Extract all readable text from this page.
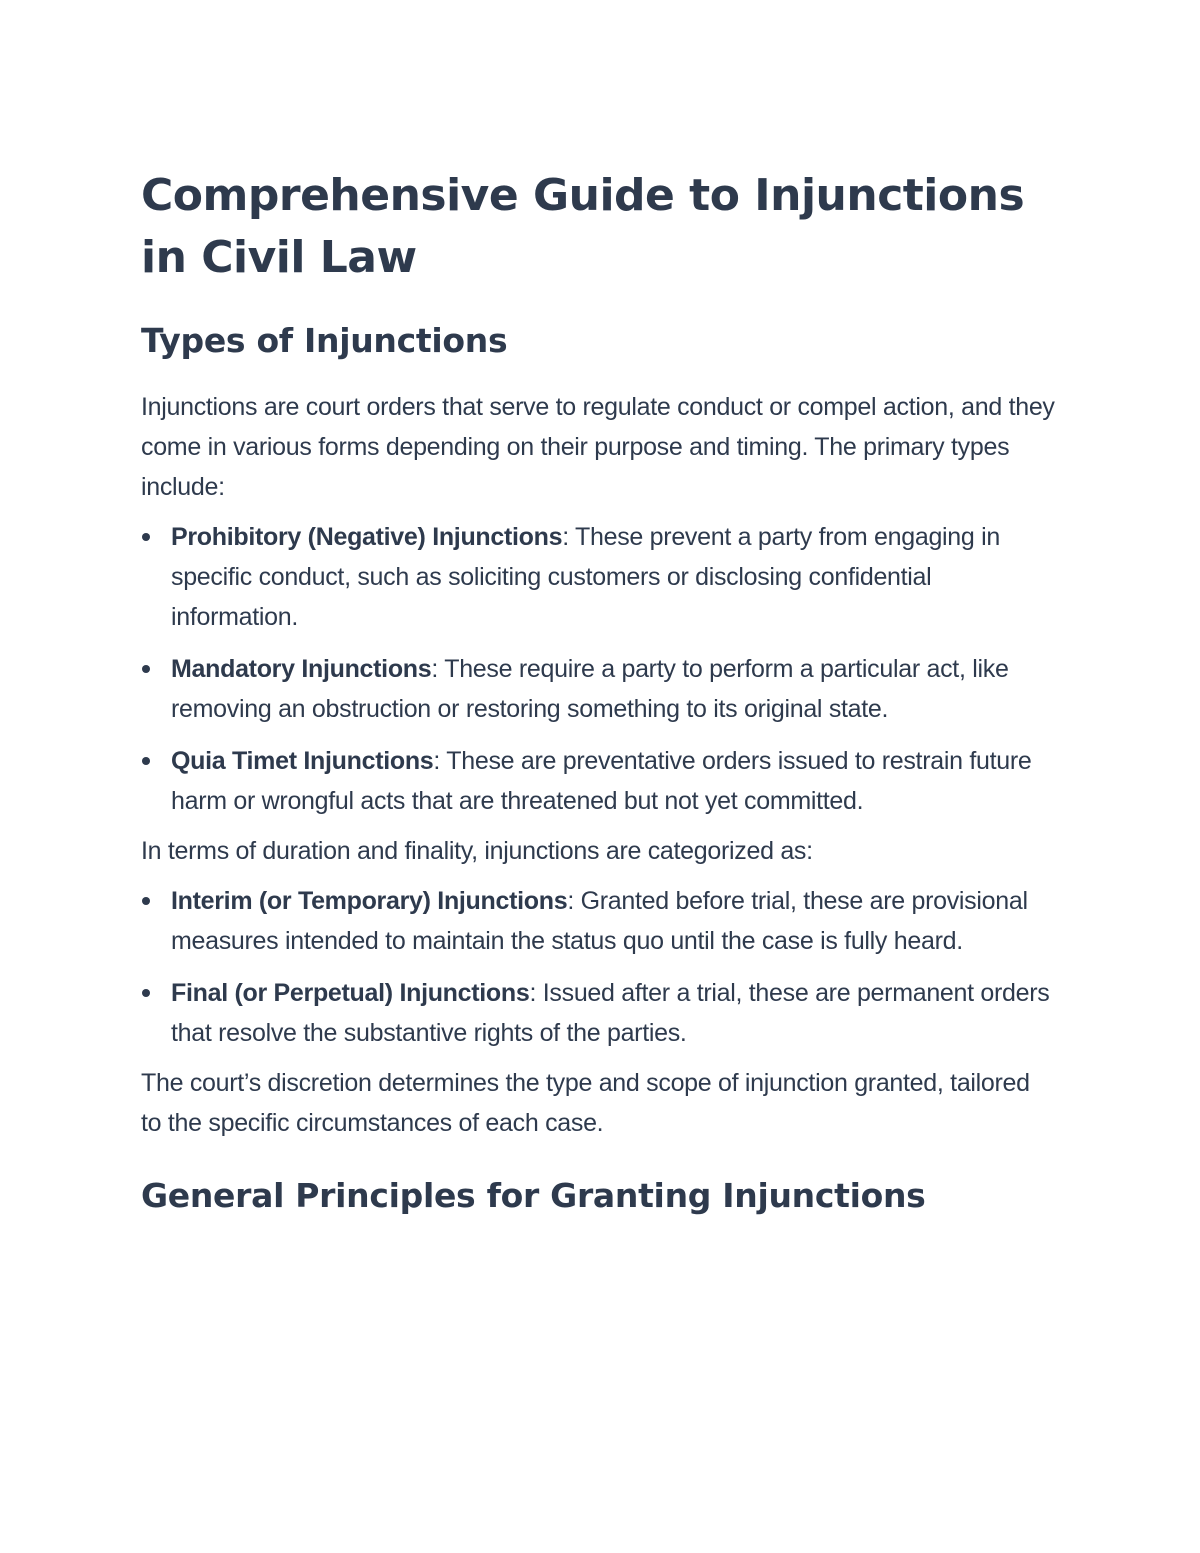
Comprehensive Guide to Injunctions in Civil Law
Types of Injunctions

Injunctions are court orders that serve to regulate conduct or compel action, and they come in various forms depending on their purpose and timing. The primary types include:

Prohibitory (Negative) Injunctions: These prevent a party from engaging in specific conduct, such as soliciting customers or disclosing confidential information.
Mandatory Injunctions: These require a party to perform a particular act, like removing an obstruction or restoring something to its original state.
Quia Timet Injunctions: These are preventative orders issued to restrain future harm or wrongful acts that are threatened but not yet committed.

In terms of duration and finality, injunctions are categorized as:

Interim (or Temporary) Injunctions: Granted before trial, these are provisional measures intended to maintain the status quo until the case is fully heard.
Final (or Perpetual) Injunctions: Issued after a trial, these are permanent orders that resolve the substantive rights of the parties.

The court’s discretion determines the type and scope of injunction granted, tailored to the specific circumstances of each case.

General Principles for Granting Injunctions
